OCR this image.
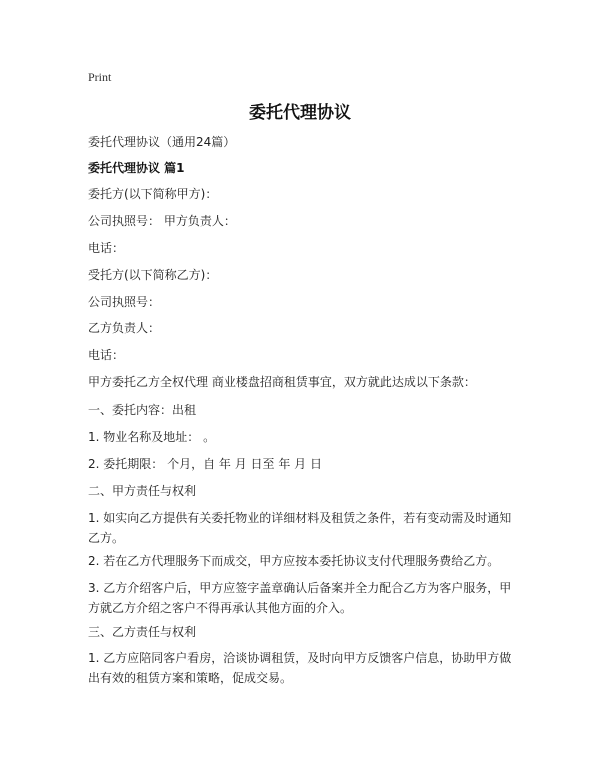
Print
委托代理协议
委托代理协议（通用24篇）
委托代理协议 篇1
委托方(以下简称甲方)：
公司执照号： 甲方负责人：
电话：
受托方(以下简称乙方)：
公司执照号：
乙方负责人：
电话：
甲方委托乙方全权代理 商业楼盘招商租赁事宜，双方就此达成以下条款：
一、委托内容：出租
1. 物业名称及地址： 。
2. 委托期限： 个月，自 年 月 日至 年 月 日
二、甲方责任与权利
1. 如实向乙方提供有关委托物业的详细材料及租赁之条件，若有变动需及时通知乙方。
2. 若在乙方代理服务下而成交，甲方应按本委托协议支付代理服务费给乙方。
3. 乙方介绍客户后，甲方应签字盖章确认后备案并全力配合乙方为客户服务，甲方就乙方介绍之客户不得再承认其他方面的介入。
三、乙方责任与权利
1. 乙方应陪同客户看房，洽谈协调租赁，及时向甲方反馈客户信息，协助甲方做出有效的租赁方案和策略，促成交易。
